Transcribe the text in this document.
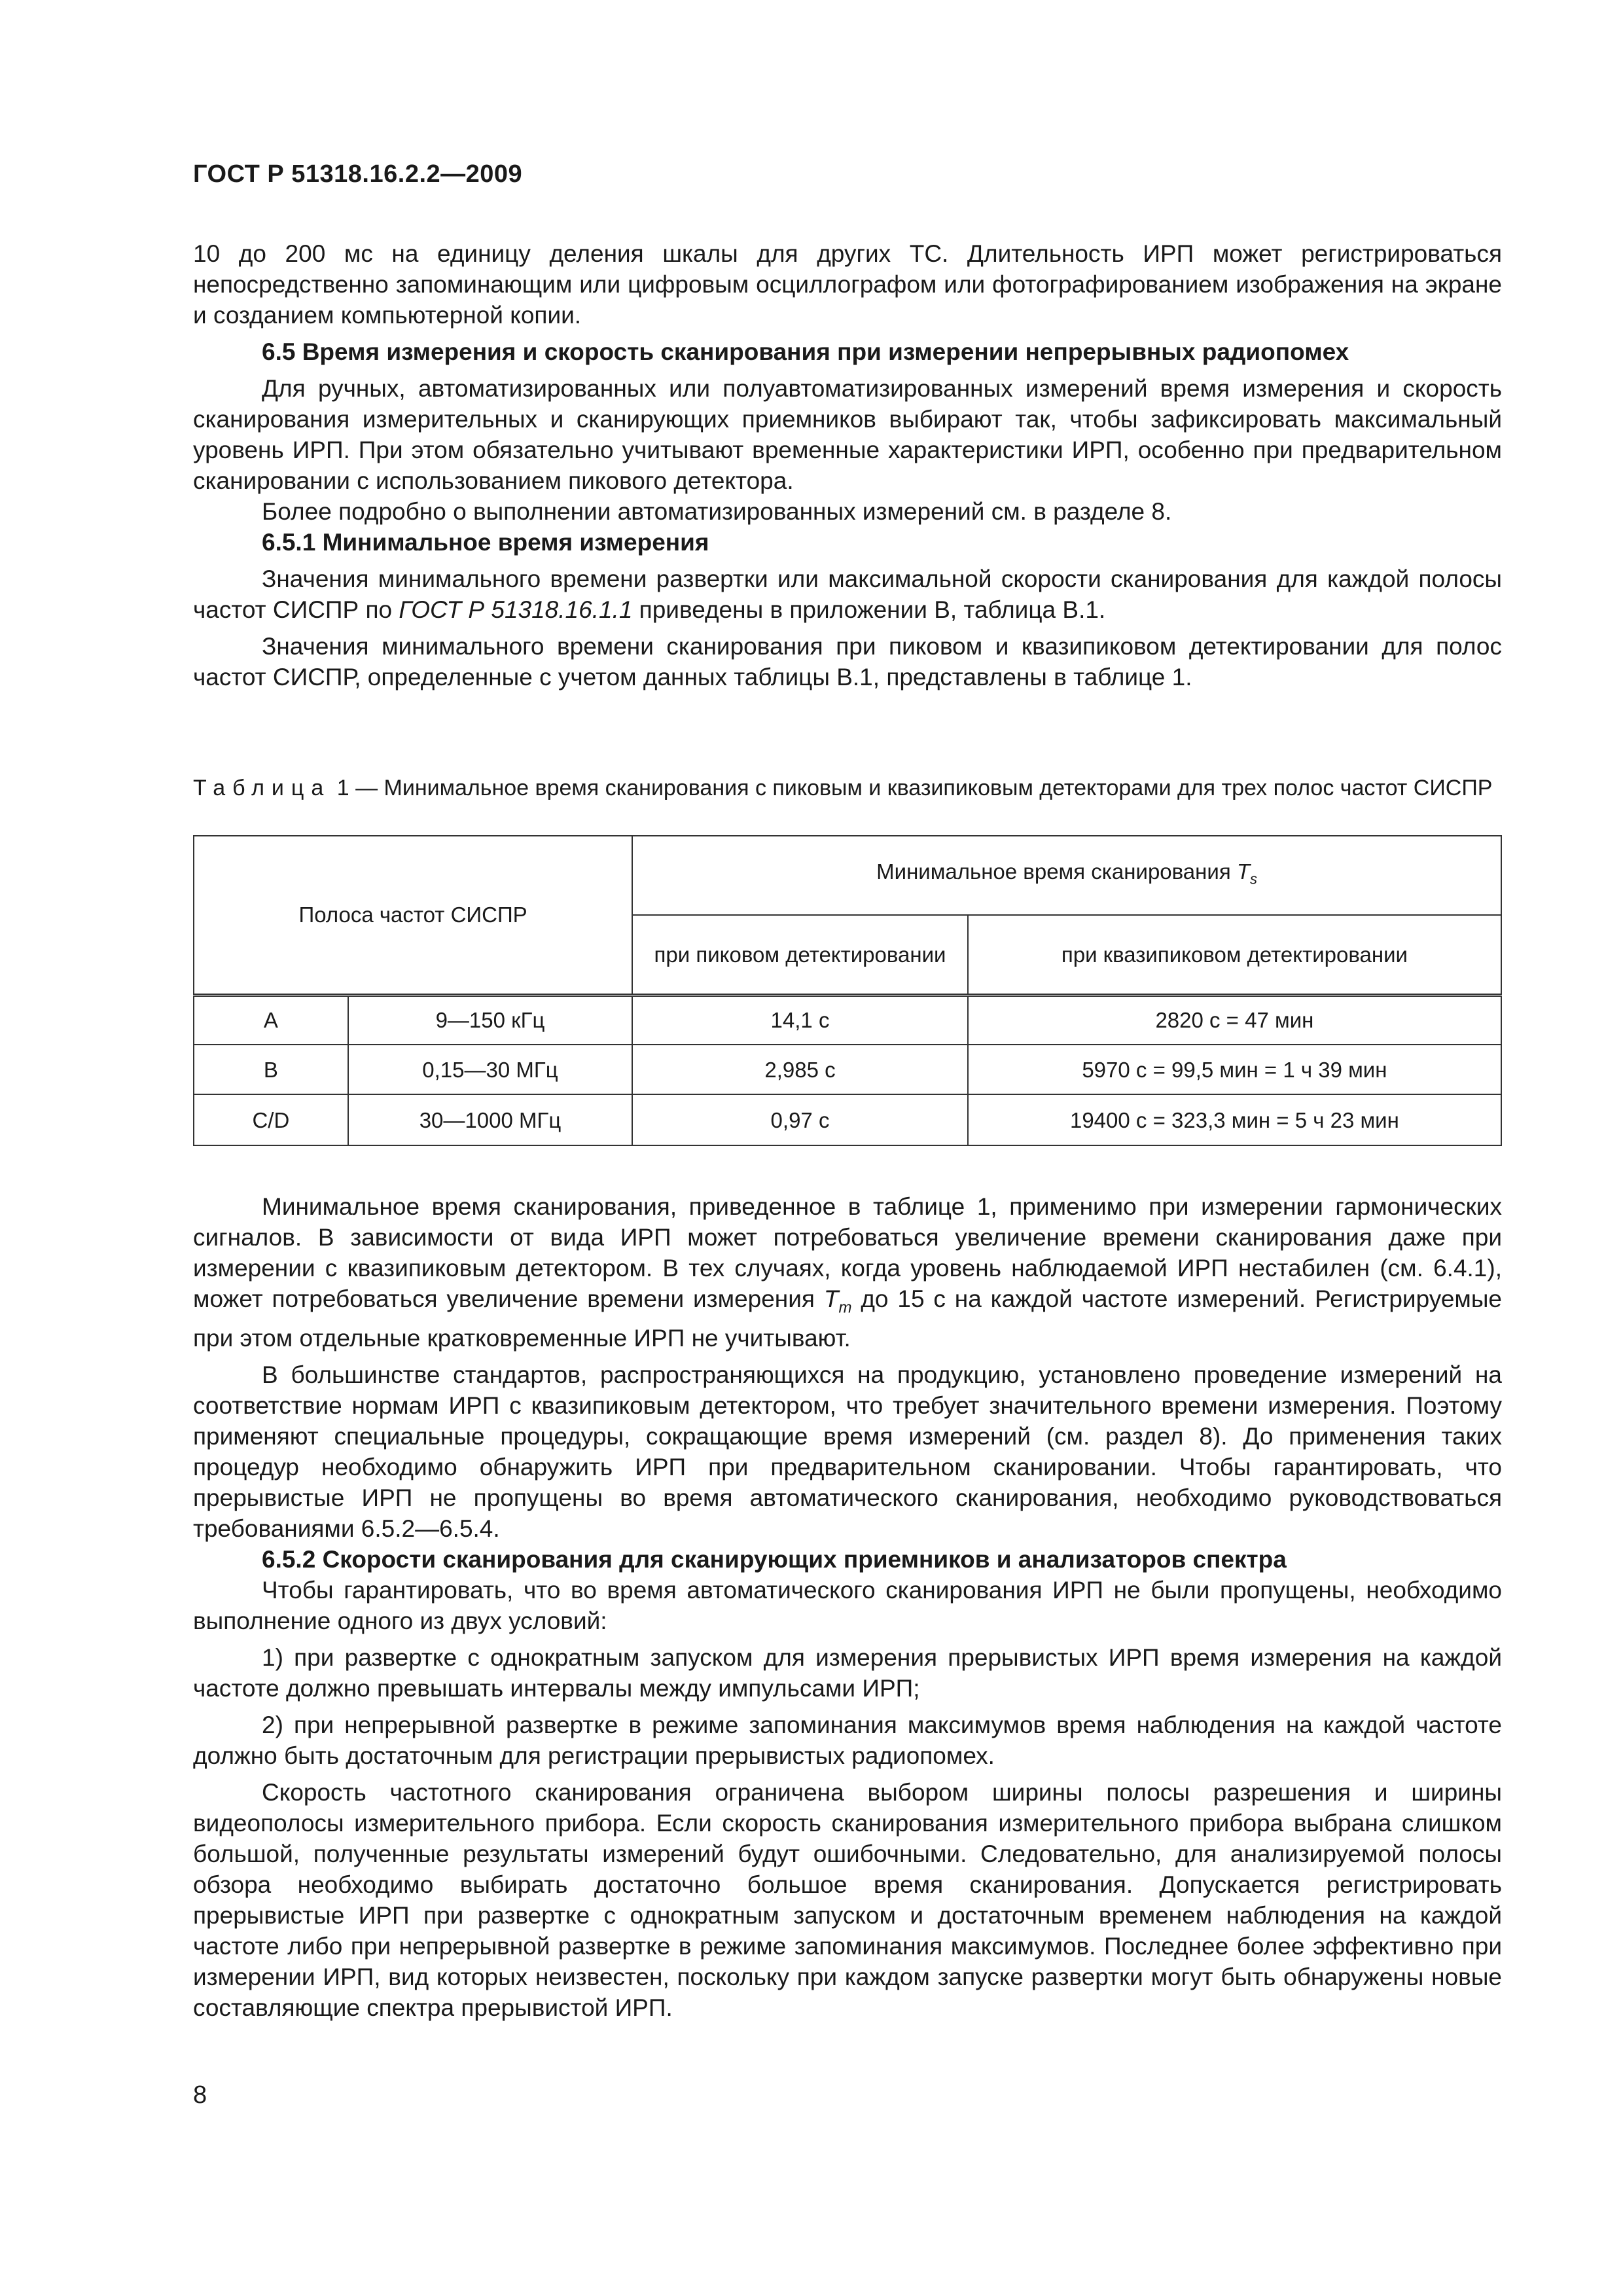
ГОСТ Р 51318.16.2.2—2009

10 до 200 мс на единицу деления шкалы для других ТС. Длительность ИРП может регистрироваться непосредственно запоминающим или цифровым осциллографом или фотографированием изображения на экране и созданием компьютерной копии.

6.5 Время измерения и скорость сканирования при измерении непрерывных радиопомех

Для ручных, автоматизированных или полуавтоматизированных измерений время измерения и скорость сканирования измерительных и сканирующих приемников выбирают так, чтобы зафиксировать максимальный уровень ИРП. При этом обязательно учитывают временные характеристики ИРП, особенно при предварительном сканировании с использованием пикового детектора.

Более подробно о выполнении автоматизированных измерений см. в разделе 8.

6.5.1 Минимальное время измерения

Значения минимального времени развертки или максимальной скорости сканирования для каждой полосы частот СИСПР по ГОСТ Р 51318.16.1.1 приведены в приложении В, таблица В.1.

Значения минимального времени сканирования при пиковом и квазипиковом детектировании для полос частот СИСПР, определенные с учетом данных таблицы В.1, представлены в таблице 1.

Таблица 1 — Минимальное время сканирования с пиковым и квазипиковым детекторами для трех полос частот СИСПР

Полоса частот СИСПР		Минимальное время сканирования $T_s$
		при пиковом детектировании	при квазипиковом детектировании
A	9—150 кГц	14,1 с	2820 с = 47 мин
B	0,15—30 МГц	2,985 с	5970 с = 99,5 мин = 1 ч 39 мин
C/D	30—1000 МГц	0,97 с	19400 с = 323,3 мин = 5 ч 23 мин

Минимальное время сканирования, приведенное в таблице 1, применимо при измерении гармонических сигналов. В зависимости от вида ИРП может потребоваться увеличение времени сканирования даже при измерении с квазипиковым детектором. В тех случаях, когда уровень наблюдаемой ИРП нестабилен (см. 6.4.1), может потребоваться увеличение времени измерения $T_m$ до 15 с на каждой частоте измерений. Регистрируемые при этом отдельные кратковременные ИРП не учитывают.

В большинстве стандартов, распространяющихся на продукцию, установлено проведение измерений на соответствие нормам ИРП с квазипиковым детектором, что требует значительного времени измерения. Поэтому применяют специальные процедуры, сокращающие время измерений (см. раздел 8). До применения таких процедур необходимо обнаружить ИРП при предварительном сканировании. Чтобы гарантировать, что прерывистые ИРП не пропущены во время автоматического сканирования, необходимо руководствоваться требованиями 6.5.2—6.5.4.

6.5.2 Скорости сканирования для сканирующих приемников и анализаторов спектра

Чтобы гарантировать, что во время автоматического сканирования ИРП не были пропущены, необходимо выполнение одного из двух условий:

1) при развертке с однократным запуском для измерения прерывистых ИРП время измерения на каждой частоте должно превышать интервалы между импульсами ИРП;

2) при непрерывной развертке в режиме запоминания максимумов время наблюдения на каждой частоте должно быть достаточным для регистрации прерывистых радиопомех.

Скорость частотного сканирования ограничена выбором ширины полосы разрешения и ширины видеополосы измерительного прибора. Если скорость сканирования измерительного прибора выбрана слишком большой, полученные результаты измерений будут ошибочными. Следовательно, для анализируемой полосы обзора необходимо выбирать достаточно большое время сканирования. Допускается регистрировать прерывистые ИРП при развертке с однократным запуском и достаточным временем наблюдения на каждой частоте либо при непрерывной развертке в режиме запоминания максимумов. Последнее более эффективно при измерении ИРП, вид которых неизвестен, поскольку при каждом запуске развертки могут быть обнаружены новые составляющие спектра прерывистой ИРП.

8
